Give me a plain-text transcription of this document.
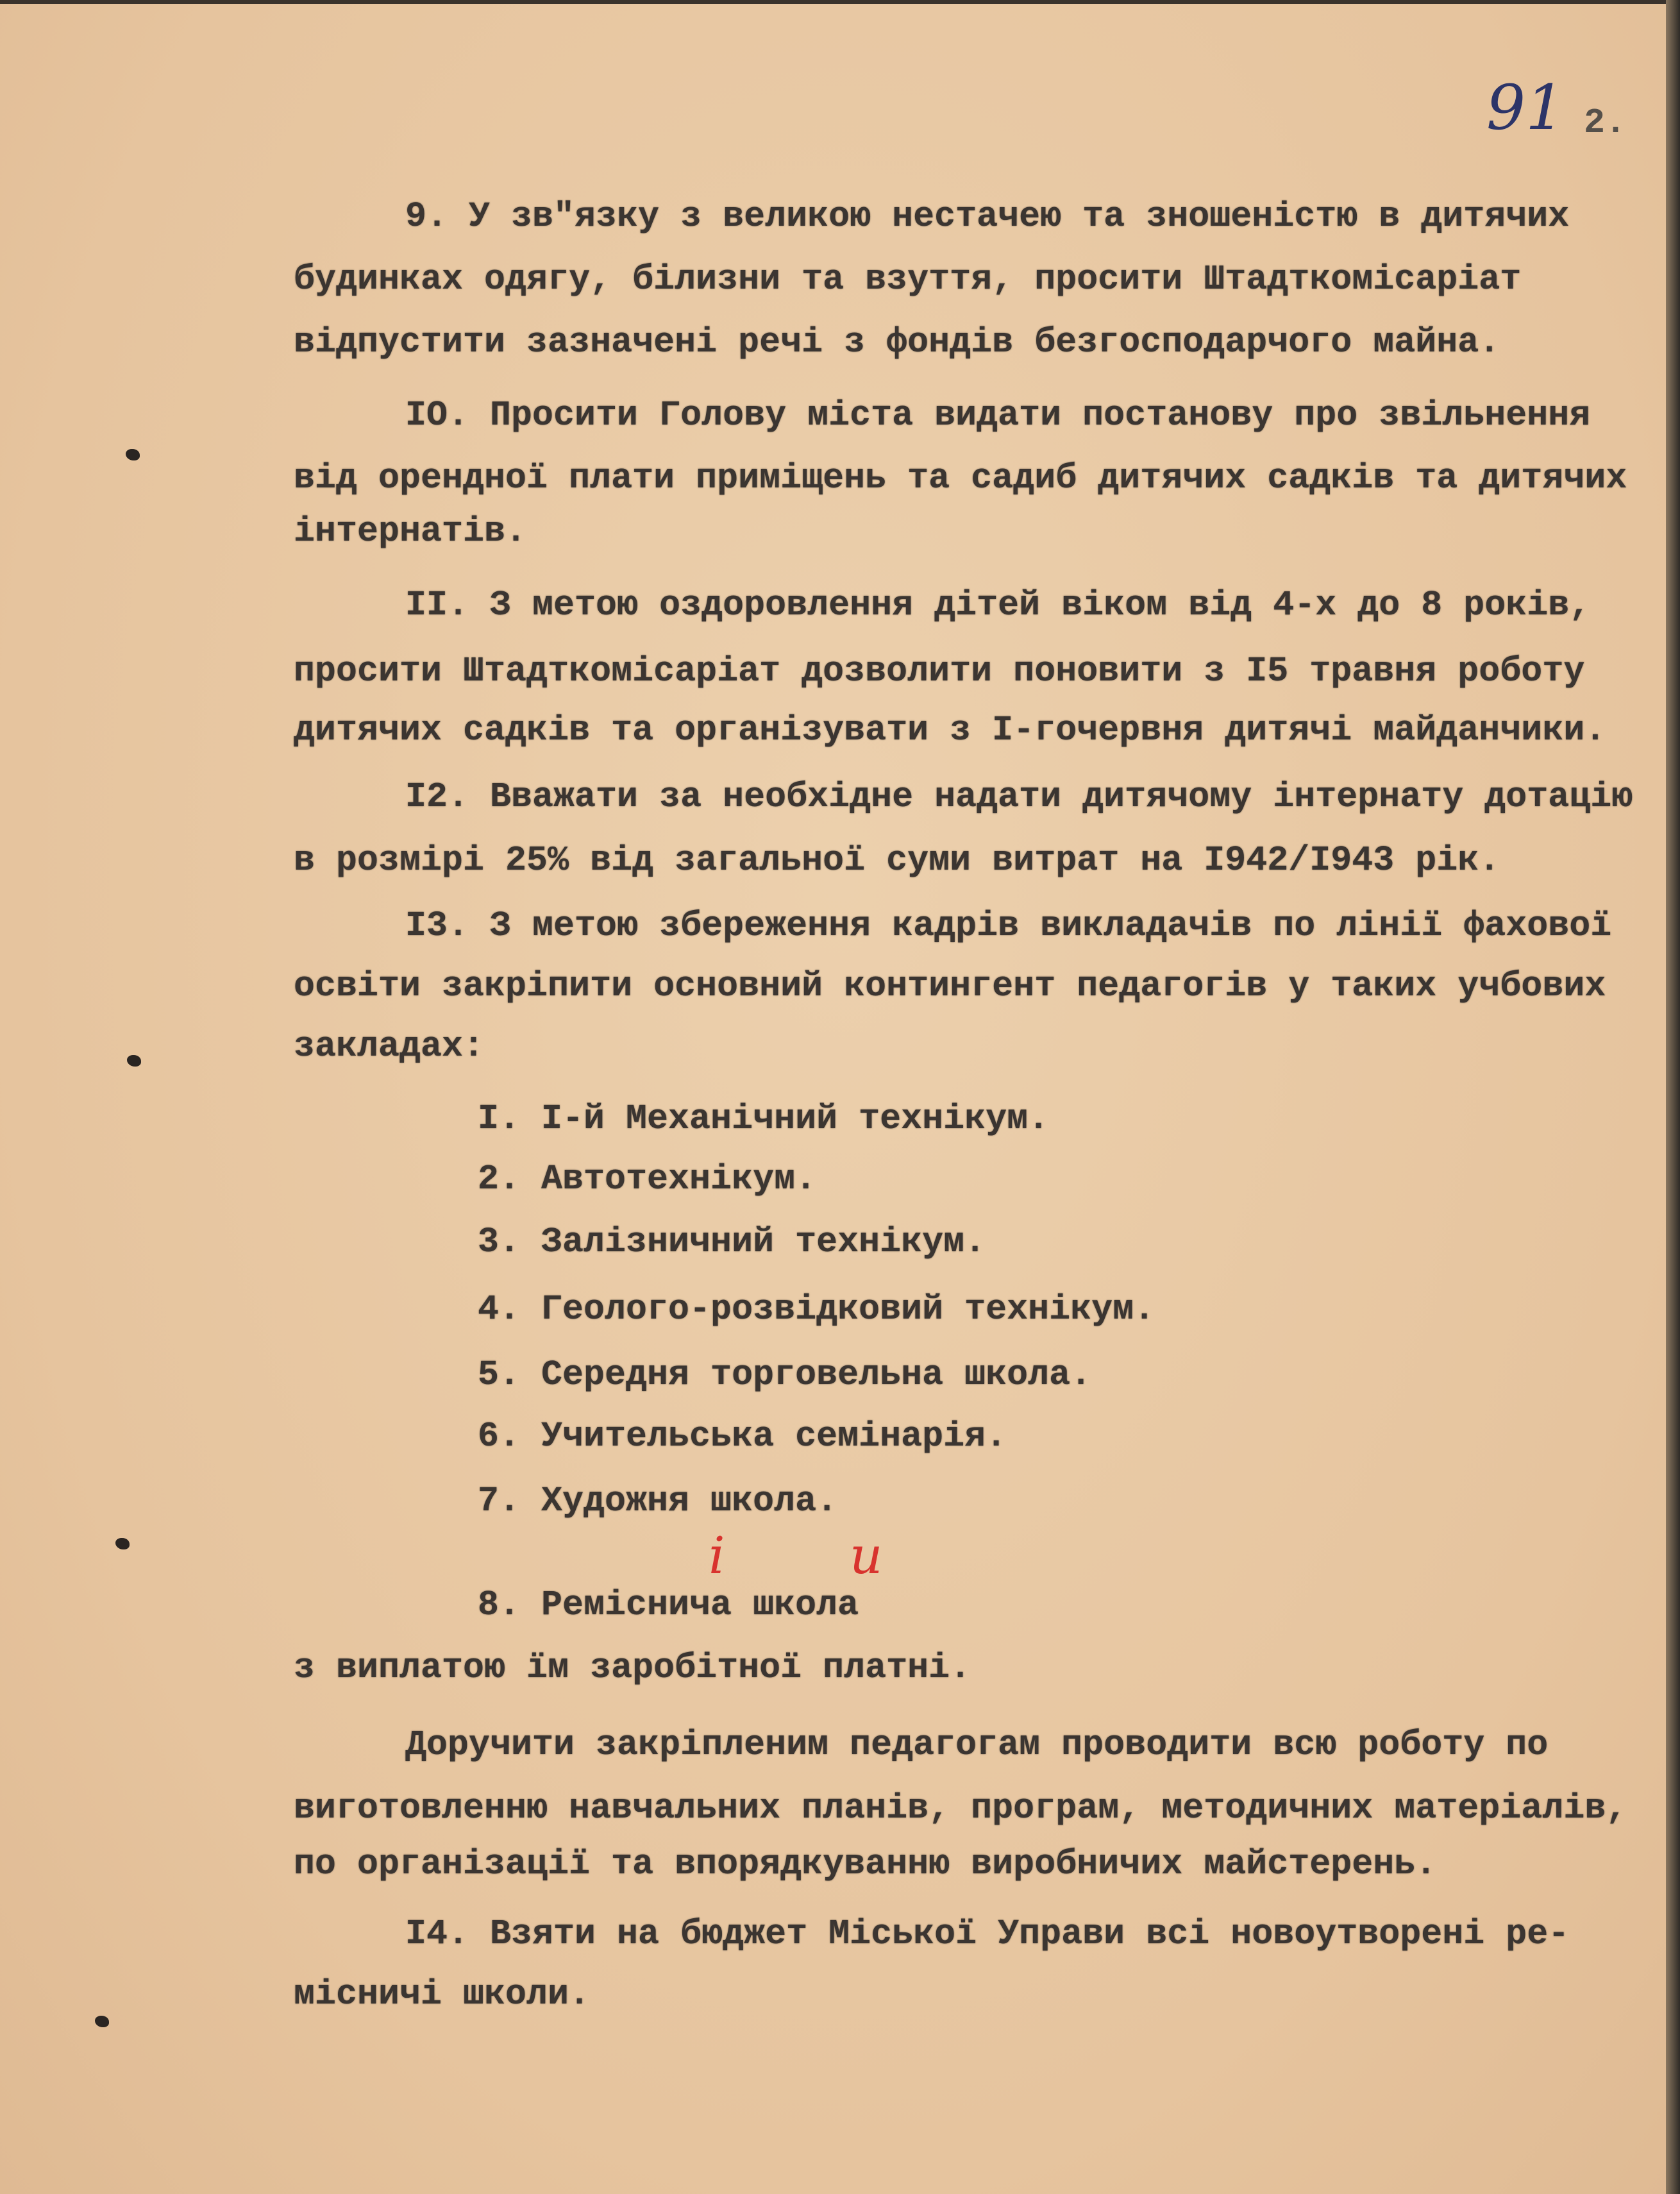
91 2.
9. У зв"язку з великою нестачею та зношеністю в дитячих
будинках одягу, білизни та взуття, просити Штадткомісаріат
відпустити зазначені речі з фондів безгосподарчого майна.
IO. Просити Голову міста видати постанову про звільнення
від орендної плати приміщень та садиб дитячих садків та дитячих
інтернатів.
II. З метою оздоровлення дітей віком від 4-х до 8 років,
просити Штадткомісаріат дозволити поновити з I5 травня роботу
дитячих садків та організувати з I-гочервня дитячі майданчики.
I2. Вважати за необхідне надати дитячому інтернату дотацію
в розмірі 25% від загальної суми витрат на I942/I943 рік.
I3. З метою збереження кадрів викладачів по лінії фахової
освіти закріпити основний контингент педагогів у таких учбових
закладах:
I. I-й Механічний технікум.
2. Автотехнікум.
3. Залізничний технікум.
4. Геолого-розвідковий технікум.
5. Середня торговельна школа.
6. Учительська семінарія.
7. Художня школа.
і и
8. Ремісничa школа
з виплатою їм заробітної платні.
Доручити закріпленим педагогам проводити всю роботу по
виготовленню навчальних планів, програм, методичних матеріалів,
по організації та впорядкуванню виробничих майстерень.
I4. Взяти на бюджет Міської Управи всі новоутворені ре-
місничі школи.
